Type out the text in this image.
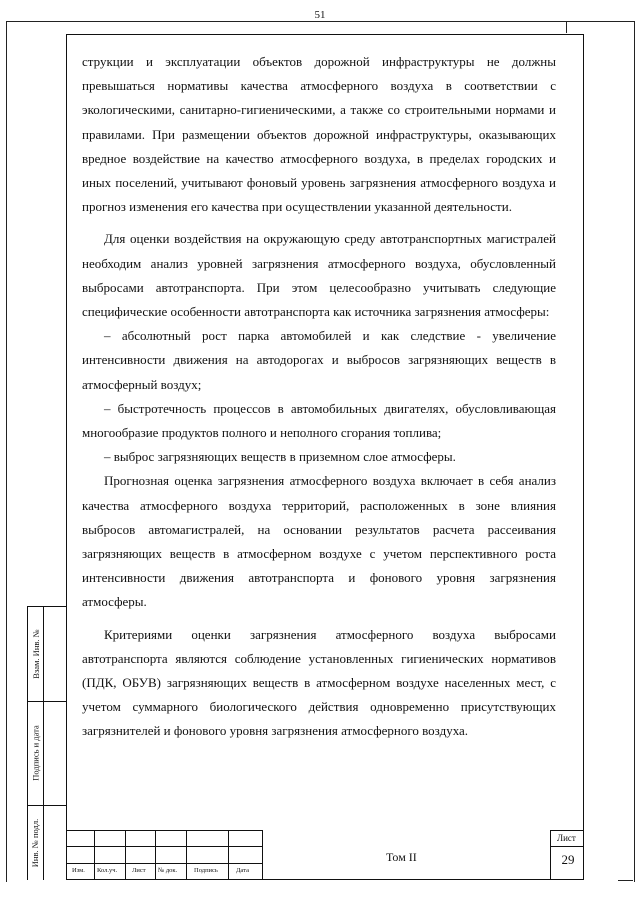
51
Взам. Инв. №
Подпись и дата
Инв. № подл.

струкции и эксплуатации объектов дорожной инфраструктуры не должны превышаться нормативы качества атмосферного воздуха в соответствии с экологическими, санитарно-гигиеническими, а также со строительными нормами и правилами. При размещении объектов дорожной инфраструктуры, оказывающих вредное воздействие на качество атмосферного воздуха, в пределах городских и иных поселений, учитывают фоновый уровень загрязнения атмосферного воздуха и прогноз изменения его качества при осуществлении указанной деятельности.

Для оценки воздействия на окружающую среду автотранспортных магистралей необходим анализ уровней загрязнения атмосферного воздуха, обусловленный выбросами автотранспорта. При этом целесообразно учитывать следующие специфические особенности автотранспорта как источника загрязнения атмосферы:

– абсолютный рост парка автомобилей и как следствие - увеличение интенсивности движения на автодорогах и выбросов загрязняющих веществ в атмосферный воздух;

– быстротечность процессов в автомобильных двигателях, обусловливающая многообразие продуктов полного и неполного сгорания топлива;

– выброс загрязняющих веществ в приземном слое атмосферы.

Прогнозная оценка загрязнения атмосферного воздуха включает в себя анализ качества атмосферного воздуха территорий, расположенных в зоне влияния выбросов автомагистралей, на основании результатов расчета рассеивания загрязняющих веществ в атмосферном воздухе с учетом перспективного роста интенсивности движения автотранспорта и фонового уровня загрязнения атмосферы.

Критериями оценки загрязнения атмосферного воздуха выбросами автотранспорта являются соблюдение установленных гигиенических нормативов (ПДК, ОБУВ) загрязняющих веществ в атмосферном воздухе населенных мест, с учетом суммарного биологического действия одновременно присутствующих загрязнителей и фонового уровня загрязнения атмосферного воздуха.

Изм. Кол.уч. Лист № док.	Подпись	Дата
Том II
Лист
29
